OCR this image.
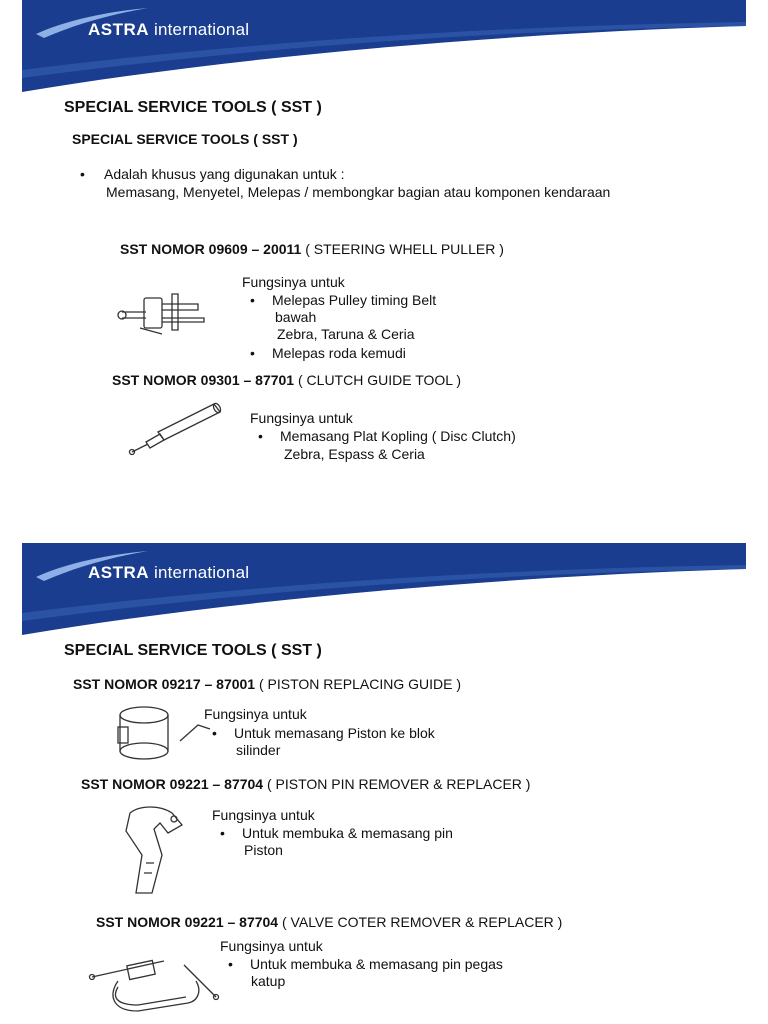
ASTRA international

SPECIAL SERVICE TOOLS ( SST )

SPECIAL SERVICE TOOLS ( SST )

• Adalah khusus yang digunakan untuk :

Memasang, Menyetel, Melepas / membongkar bagian atau komponen kendaraan

SST NOMOR 09609 – 20011 ( STEERING WHELL PULLER )

Fungsinya untuk

• Melepas Pulley timing Belt

bawah

Zebra, Taruna & Ceria

• Melepas roda kemudi

SST NOMOR 09301 – 87701 ( CLUTCH GUIDE TOOL )

Fungsinya untuk

• Memasang Plat Kopling ( Disc Clutch)

Zebra, Espass & Ceria

ASTRA international

SPECIAL SERVICE TOOLS ( SST )

SST NOMOR 09217 – 87001 ( PISTON REPLACING GUIDE )

Fungsinya untuk

• Untuk memasang Piston ke blok

silinder

SST NOMOR 09221 – 87704 ( PISTON PIN REMOVER & REPLACER )

Fungsinya untuk

• Untuk membuka & memasang pin

Piston

SST NOMOR 09221 – 87704 ( VALVE COTER REMOVER & REPLACER )

Fungsinya untuk

• Untuk membuka & memasang pin pegas

katup
